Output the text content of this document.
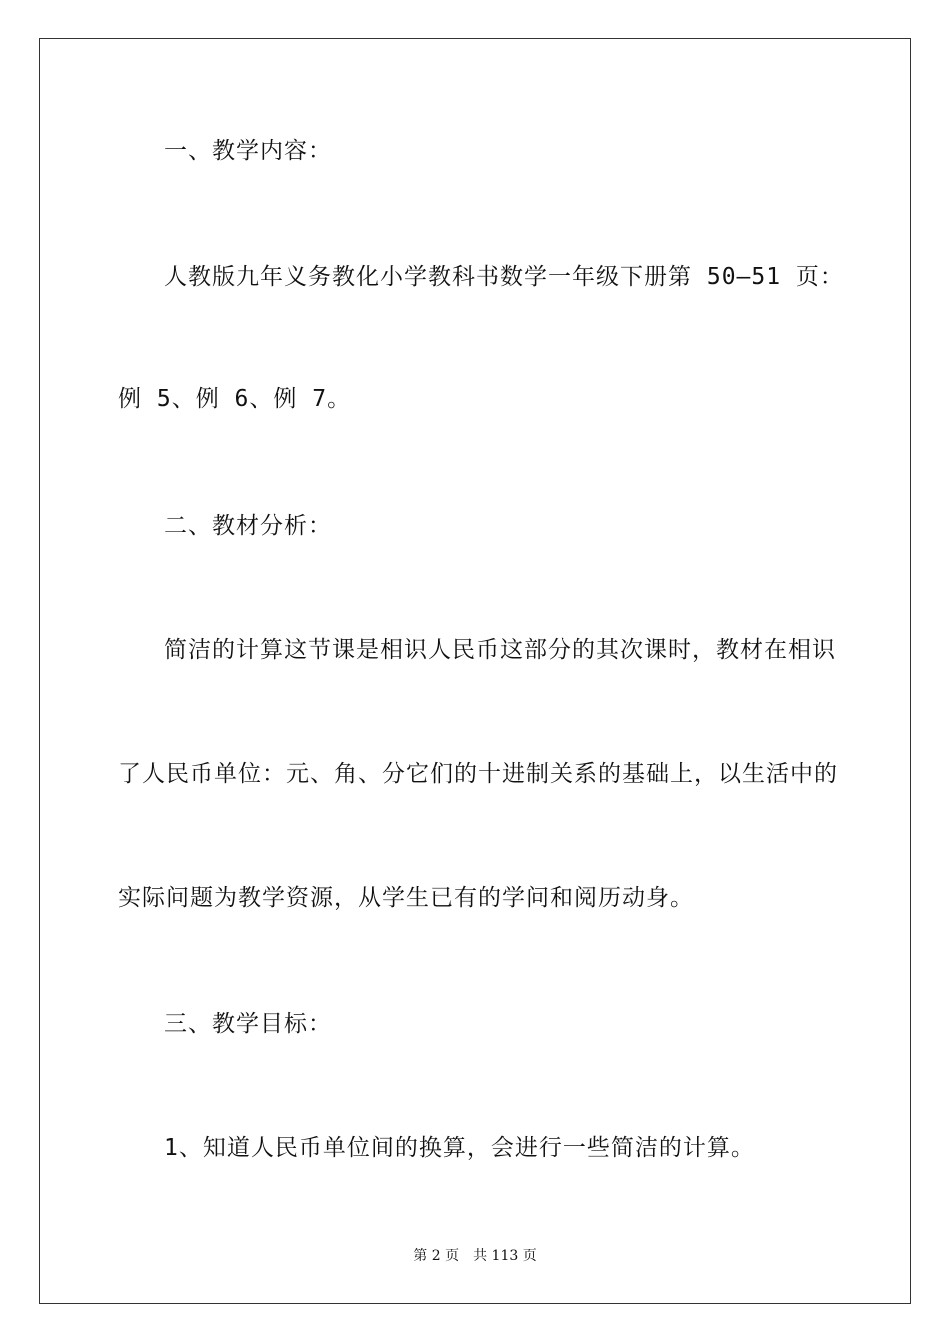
一、教学内容：
人教版九年义务教化小学教科书数学一年级下册第 50—51 页：
例 5、例 6、例 7。
二、教材分析：
简洁的计算这节课是相识人民币这部分的其次课时，教材在相识
了人民币单位：元、角、分它们的十进制关系的基础上，以生活中的
实际问题为教学资源，从学生已有的学问和阅历动身。
三、教学目标：
1、知道人民币单位间的换算，会进行一些简洁的计算。
第 2 页 共 113 页
